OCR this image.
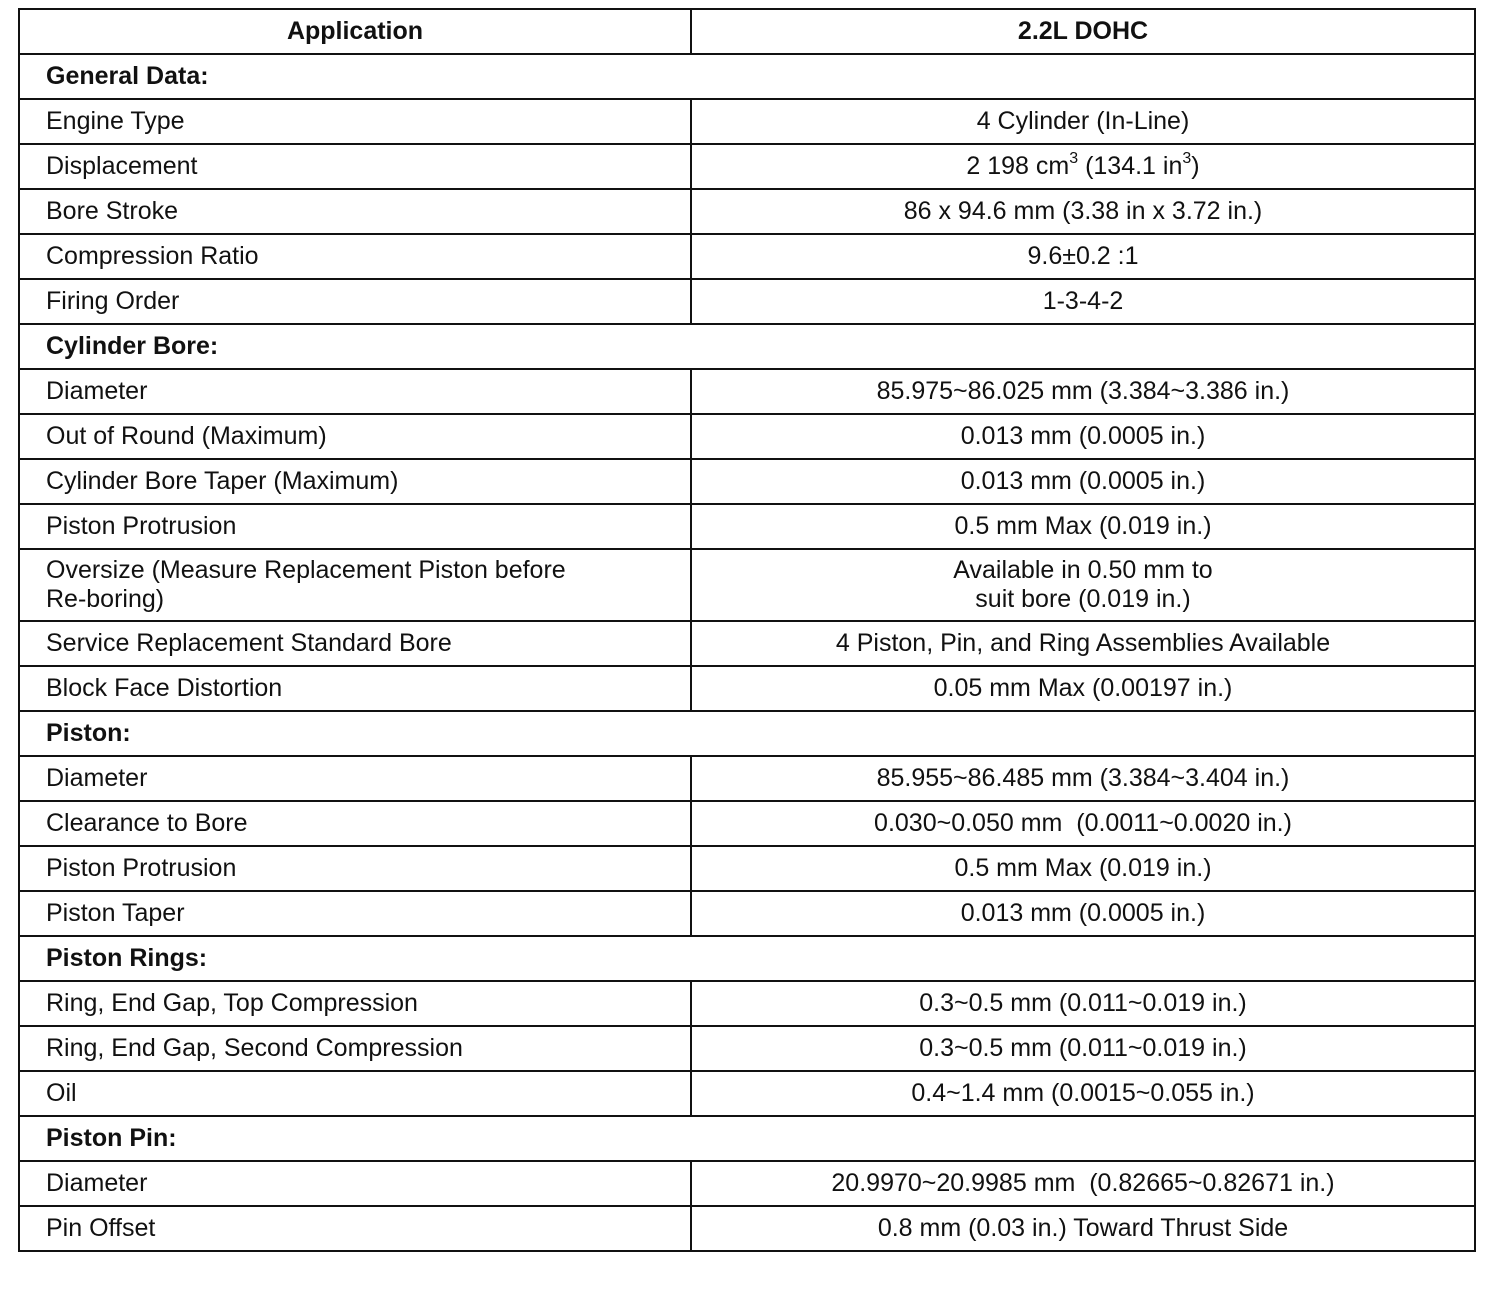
Application	2.2L DOHC
General Data:	
Engine Type	4 Cylinder (In-Line)
Displacement	2 198 $cm^3$ (134.1 $in^3$)
Bore Stroke	86 x 94.6 mm (3.38 in x 3.72 in.)
Compression Ratio	9.6±0.2 :1
Firing Order	1-3-4-2
Cylinder Bore:	
Diameter	85.975~86.025 mm (3.384~3.386 in.)
Out of Round (Maximum)	0.013 mm (0.0005 in.)
Cylinder Bore Taper (Maximum)	0.013 mm (0.0005 in.)
Piston Protrusion	0.5 mm Max (0.019 in.)

Oversize (Measure Replacement Piston before
Re-boring)	Available in 0.50 mm to
suit bore (0.019 in.)

Service Replacement Standard Bore	4 Piston, Pin, and Ring Assemblies Available
Block Face Distortion	0.05 mm Max (0.00197 in.)
Piston:	
Diameter	85.955~86.485 mm (3.384~3.404 in.)
Clearance to Bore	0.030~0.050 mm  (0.0011~0.0020 in.)
Piston Protrusion	0.5 mm Max (0.019 in.)
Piston Taper	0.013 mm (0.0005 in.)
Piston Rings:	
Ring, End Gap, Top Compression	0.3~0.5 mm (0.011~0.019 in.)
Ring, End Gap, Second Compression	0.3~0.5 mm (0.011~0.019 in.)
Oil	0.4~1.4 mm (0.0015~0.055 in.)
Piston Pin:	
Diameter	20.9970~20.9985 mm  (0.82665~0.82671 in.)
Pin Offset	0.8 mm (0.03 in.) Toward Thrust Side
